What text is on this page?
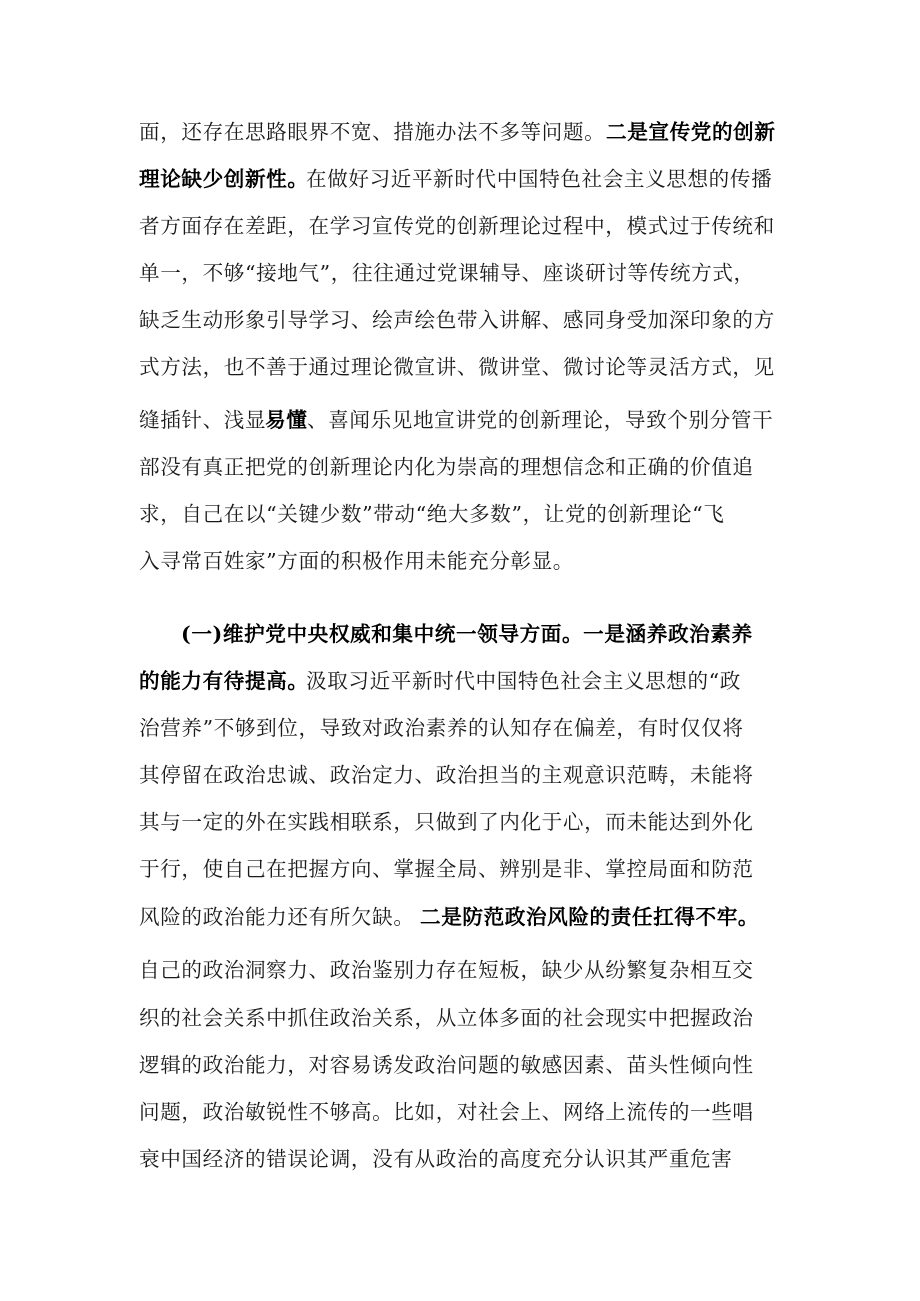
面，还存在思路眼界不宽、措施办法不多等问题。 二是宣传党的创新
理论缺少创新性。
在做好习近平新时代中国特色社会主义思想的传播
者方面存在差距，在学习宣传党的创新理论过程中，模式过于传统和
单一，不够“接地气”，往往通过党课辅导、座谈研讨等传统方式，
缺乏生动形象引导学习、绘声绘色带入讲解、感同身受加深印象的方
式方法，也不善于通过理论微宣讲、微讲堂、微讨论等灵活方式，见
缝插针、浅显
易懂 、喜闻乐见地宣讲党的创新理论，导致个别分管干
部没有真正把党的创新理论内化为崇高的理想信念和正确的价值追
求，自己在以“关键少数”带动“绝大多数”，让党的创新理论“飞
入寻常百姓家”方面的积极作用未能充分彰显。
(一)维护党中央权威和集中统一领导方面。一是涵养政治素养
的能力有待提高。
汲取习近平新时代中国特色社会主义思想的“政
治营养”不够到位，导致对政治素养的认知存在偏差，有时仅仅将
其停留在政治忠诚、政治定力、政治担当的主观意识范畴，未能将
其与一定的外在实践相联系，只做到了内化于心，而未能达到外化
于行，使自己在把握方向、掌握全局、辨别是非、掌控局面和防范
风险的政治能力还有所欠缺。 二是防范政治风险的责任扛得不牢。
自己的政治洞察力、政治鉴别力存在短板，缺少从纷繁复杂相互交
织的社会关系中抓住政治关系，从立体多面的社会现实中把握政治
逻辑的政治能力，对容易诱发政治问题的敏感因素、苗头性倾向性
问题，政治敏锐性不够高。比如，对社会上、网络上流传的一些唱
衰中国经济的错误论调，没有从政治的高度充分认识其严重危害
